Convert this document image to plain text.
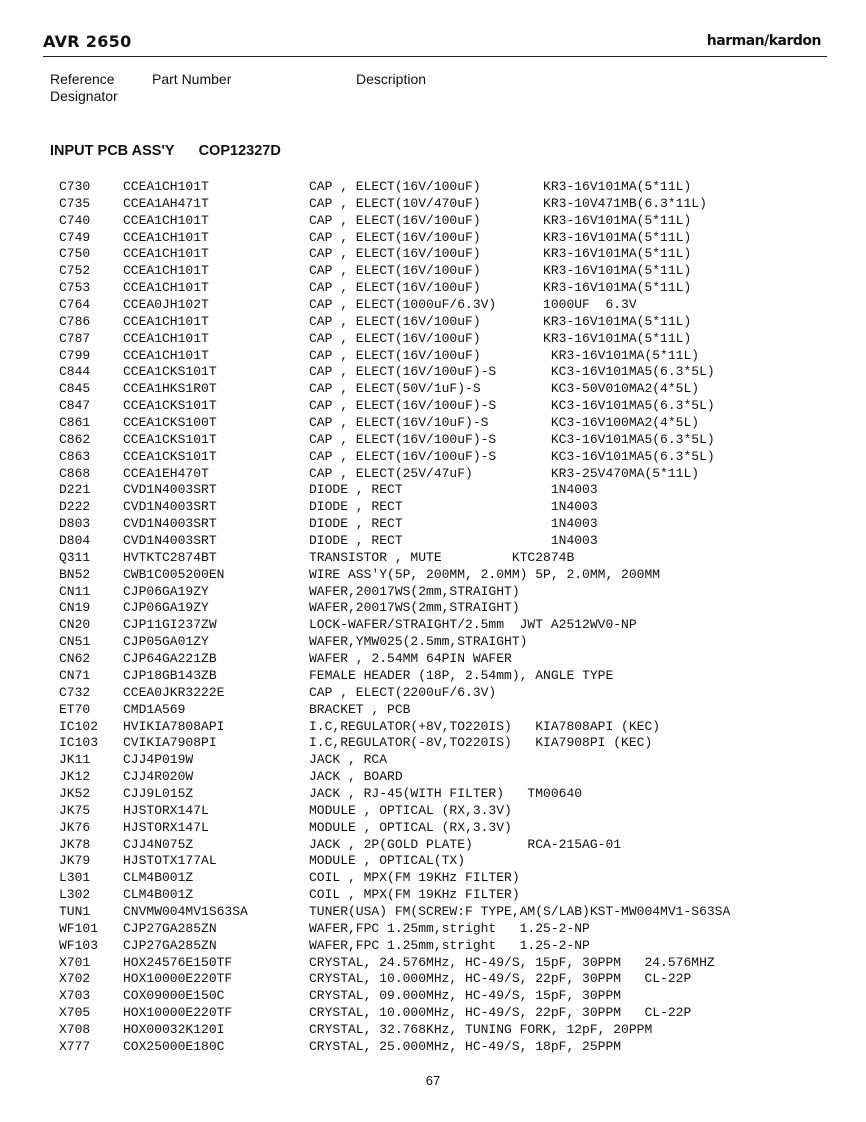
AVR 2650	harman/kardon
Reference
Designator
Part Number	Description
INPUT PCB ASS'Y COP12327D
C730	CCEA1CH101T	CAP , ELECT(16V/100uF)        KR3-16V101MA(5*11L)
C735	CCEA1AH471T	CAP , ELECT(10V/470uF)        KR3-10V471MB(6.3*11L)
C740	CCEA1CH101T	CAP , ELECT(16V/100uF)        KR3-16V101MA(5*11L)
C749	CCEA1CH101T	CAP , ELECT(16V/100uF)        KR3-16V101MA(5*11L)
C750	CCEA1CH101T	CAP , ELECT(16V/100uF)        KR3-16V101MA(5*11L)
C752	CCEA1CH101T	CAP , ELECT(16V/100uF)        KR3-16V101MA(5*11L)
C753	CCEA1CH101T	CAP , ELECT(16V/100uF)        KR3-16V101MA(5*11L)
C764	CCEA0JH102T	CAP , ELECT(1000uF/6.3V)      1000UF  6.3V
C786	CCEA1CH101T	CAP , ELECT(16V/100uF)        KR3-16V101MA(5*11L)
C787	CCEA1CH101T	CAP , ELECT(16V/100uF)        KR3-16V101MA(5*11L)
C799	CCEA1CH101T	CAP , ELECT(16V/100uF)         KR3-16V101MA(5*11L)
C844	CCEA1CKS101T	CAP , ELECT(16V/100uF)-S       KC3-16V101MA5(6.3*5L)
C845	CCEA1HKS1R0T	CAP , ELECT(50V/1uF)-S         KC3-50V010MA2(4*5L)
C847	CCEA1CKS101T	CAP , ELECT(16V/100uF)-S       KC3-16V101MA5(6.3*5L)
C861	CCEA1CKS100T	CAP , ELECT(16V/10uF)-S        KC3-16V100MA2(4*5L)
C862	CCEA1CKS101T	CAP , ELECT(16V/100uF)-S       KC3-16V101MA5(6.3*5L)
C863	CCEA1CKS101T	CAP , ELECT(16V/100uF)-S       KC3-16V101MA5(6.3*5L)
C868	CCEA1EH470T	CAP , ELECT(25V/47uF)          KR3-25V470MA(5*11L)
D221	CVD1N4003SRT	DIODE , RECT                   1N4003
D222	CVD1N4003SRT	DIODE , RECT                   1N4003
D803	CVD1N4003SRT	DIODE , RECT                   1N4003
D804	CVD1N4003SRT	DIODE , RECT                   1N4003
Q311	HVTKTC2874BT	TRANSISTOR , MUTE         KTC2874B
BN52	CWB1C005200EN	WIRE ASS'Y(5P, 200MM, 2.0MM) 5P, 2.0MM, 200MM
CN11	CJP06GA19ZY	WAFER,20017WS(2mm,STRAIGHT)
CN19	CJP06GA19ZY	WAFER,20017WS(2mm,STRAIGHT)
CN20	CJP11GI237ZW	LOCK-WAFER/STRAIGHT/2.5mm  JWT A2512WV0-NP
CN51	CJP05GA01ZY	WAFER,YMW025(2.5mm,STRAIGHT)
CN62	CJP64GA221ZB	WAFER , 2.54MM 64PIN WAFER
CN71	CJP18GB143ZB	FEMALE HEADER (18P, 2.54mm), ANGLE TYPE
C732	CCEA0JKR3222E	CAP , ELECT(2200uF/6.3V)
ET70	CMD1A569	BRACKET , PCB
IC102 HVIKIA7808API	I.C,REGULATOR(+8V,TO220IS)   KIA7808API (KEC)
IC103 CVIKIA7908PI	I.C,REGULATOR(-8V,TO220IS)   KIA7908PI (KEC)
JK11	CJJ4P019W	JACK , RCA
JK12	CJJ4R020W	JACK , BOARD
JK52	CJJ9L015Z	JACK , RJ-45(WITH FILTER)   TM00640
JK75	HJSTORX147L	MODULE , OPTICAL (RX,3.3V)
JK76	HJSTORX147L	MODULE , OPTICAL (RX,3.3V)
JK78	CJJ4N075Z	JACK , 2P(GOLD PLATE)       RCA-215AG-01
JK79	HJSTOTX177AL	MODULE , OPTICAL(TX)
L301	CLM4B001Z	COIL , MPX(FM 19KHz FILTER)
L302	CLM4B001Z	COIL , MPX(FM 19KHz FILTER)
TUN1	CNVMW004MV1S63SA	TUNER(USA) FM(SCREW:F TYPE,AM(S/LAB)KST-MW004MV1-S63SA
WF101 CJP27GA285ZN	WAFER,FPC 1.25mm,stright   1.25-2-NP
WF103 CJP27GA285ZN	WAFER,FPC 1.25mm,stright   1.25-2-NP
X701	HOX24576E150TF	CRYSTAL, 24.576MHz, HC-49/S, 15pF, 30PPM   24.576MHZ
X702	HOX10000E220TF	CRYSTAL, 10.000MHz, HC-49/S, 22pF, 30PPM   CL-22P
X703	COX09000E150C	CRYSTAL, 09.000MHz, HC-49/S, 15pF, 30PPM
X705	HOX10000E220TF	CRYSTAL, 10.000MHz, HC-49/S, 22pF, 30PPM   CL-22P
X708	HOX00032K120I	CRYSTAL, 32.768KHz, TUNING FORK, 12pF, 20PPM
X777	COX25000E180C	CRYSTAL, 25.000MHz, HC-49/S, 18pF, 25PPM
67
